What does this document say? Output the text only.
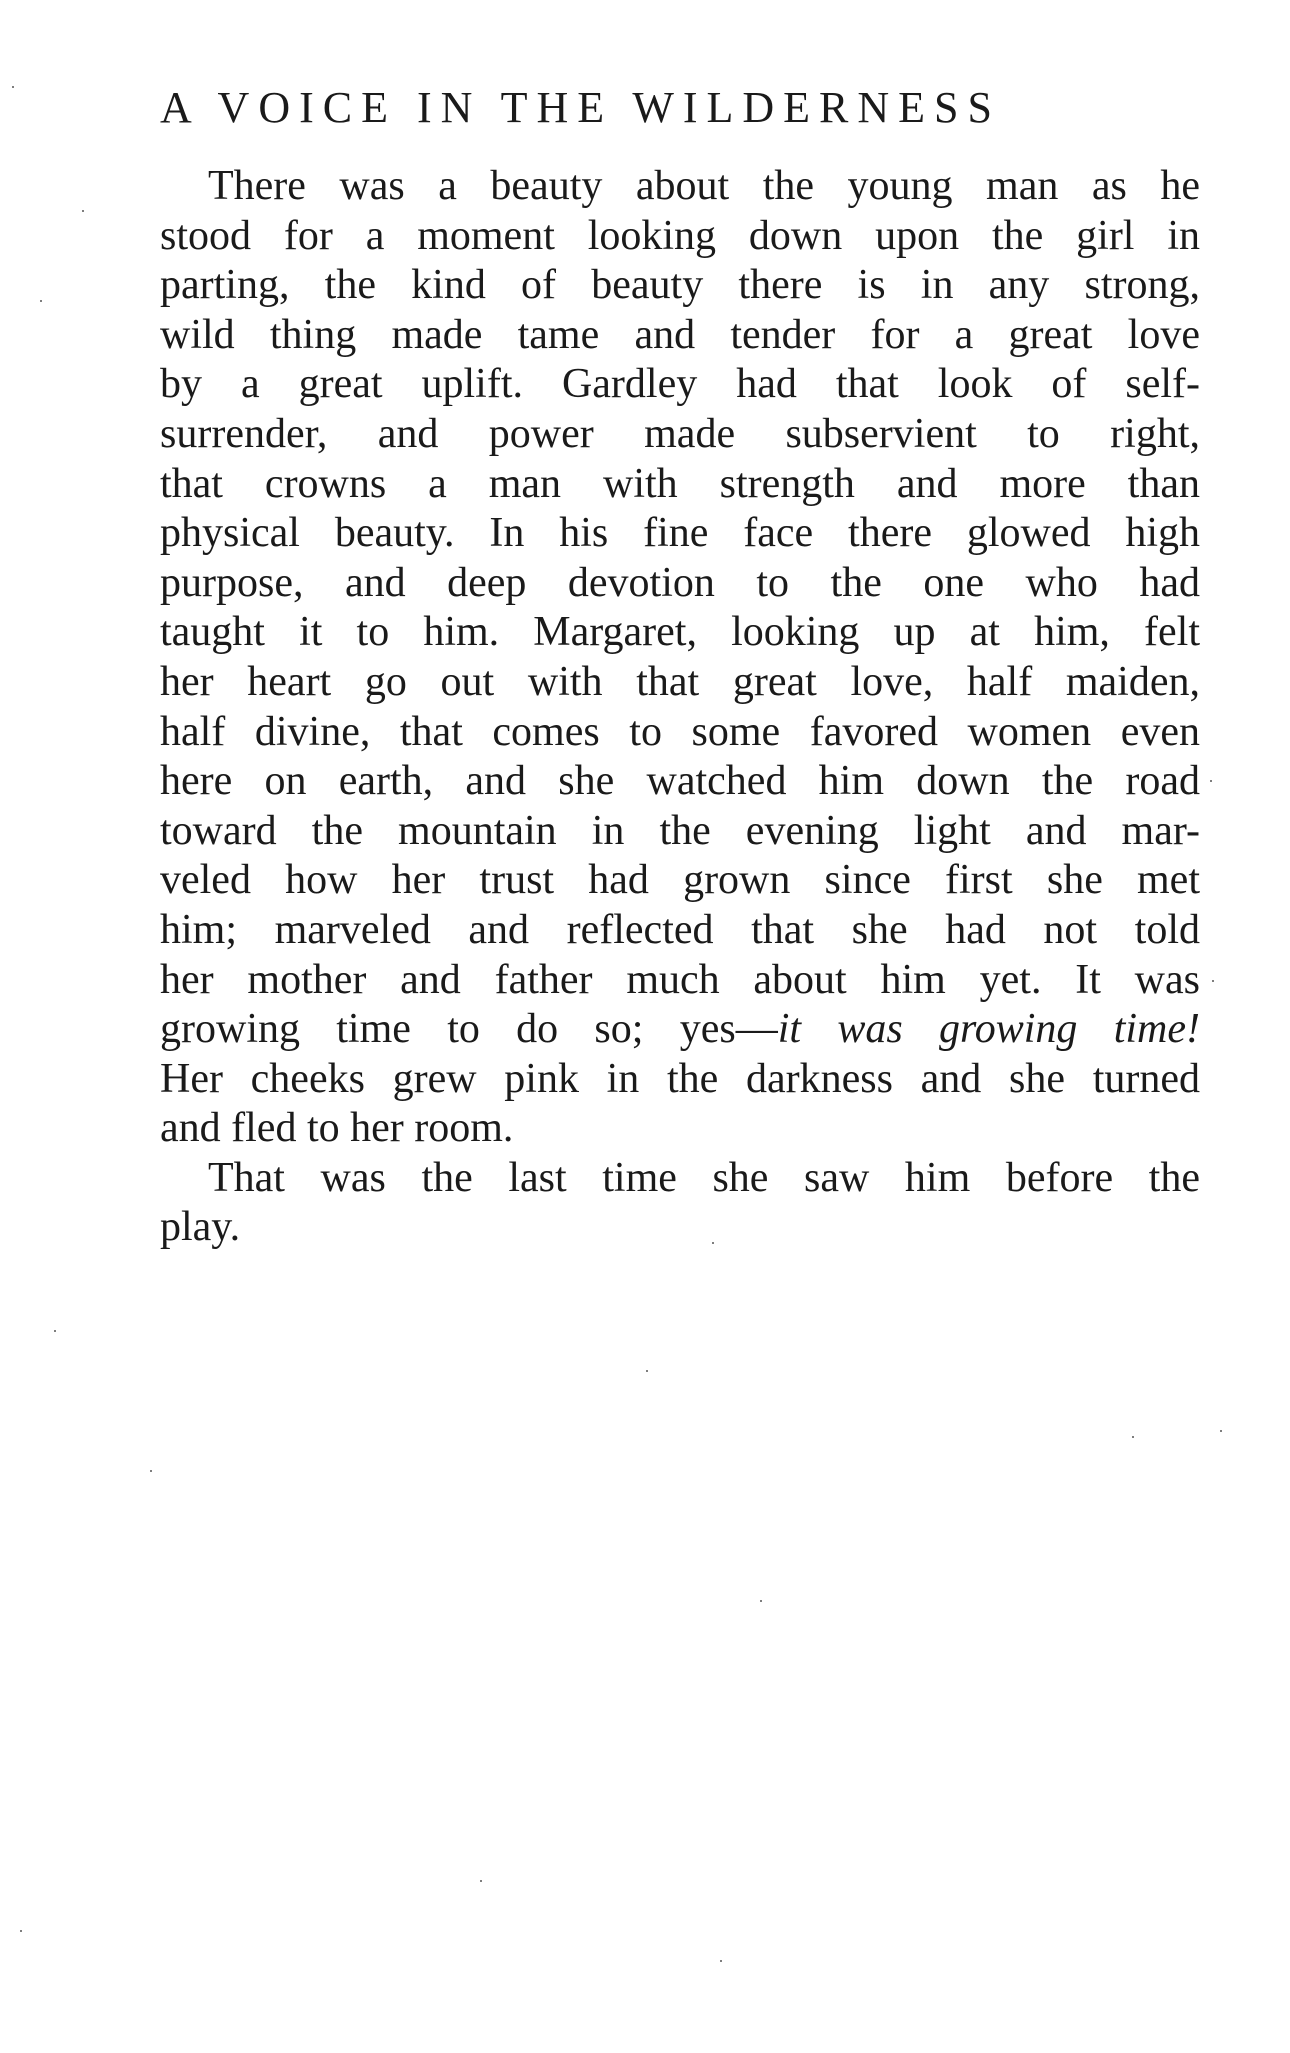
A VOICE IN THE WILDERNESS
There was a beauty about the young man as he
stood for a moment looking down upon the girl in
parting, the kind of beauty there is in any strong,
wild thing made tame and tender for a great love
by a great uplift. Gardley had that look of self-
surrender, and power made subservient to right,
that crowns a man with strength and more than
physical beauty. In his fine face there glowed high
purpose, and deep devotion to the one who had
taught it to him. Margaret, looking up at him, felt
her heart go out with that great love, half maiden,
half divine, that comes to some favored women even
here on earth, and she watched him down the road
toward the mountain in the evening light and mar-
veled how her trust had grown since first she met
him; marveled and reflected that she had not told
her mother and father much about him yet. It was
growing time to do so; yes—it was growing time!
Her cheeks grew pink in the darkness and she turned
and fled to her room.
That was the last time she saw him before the
play.
